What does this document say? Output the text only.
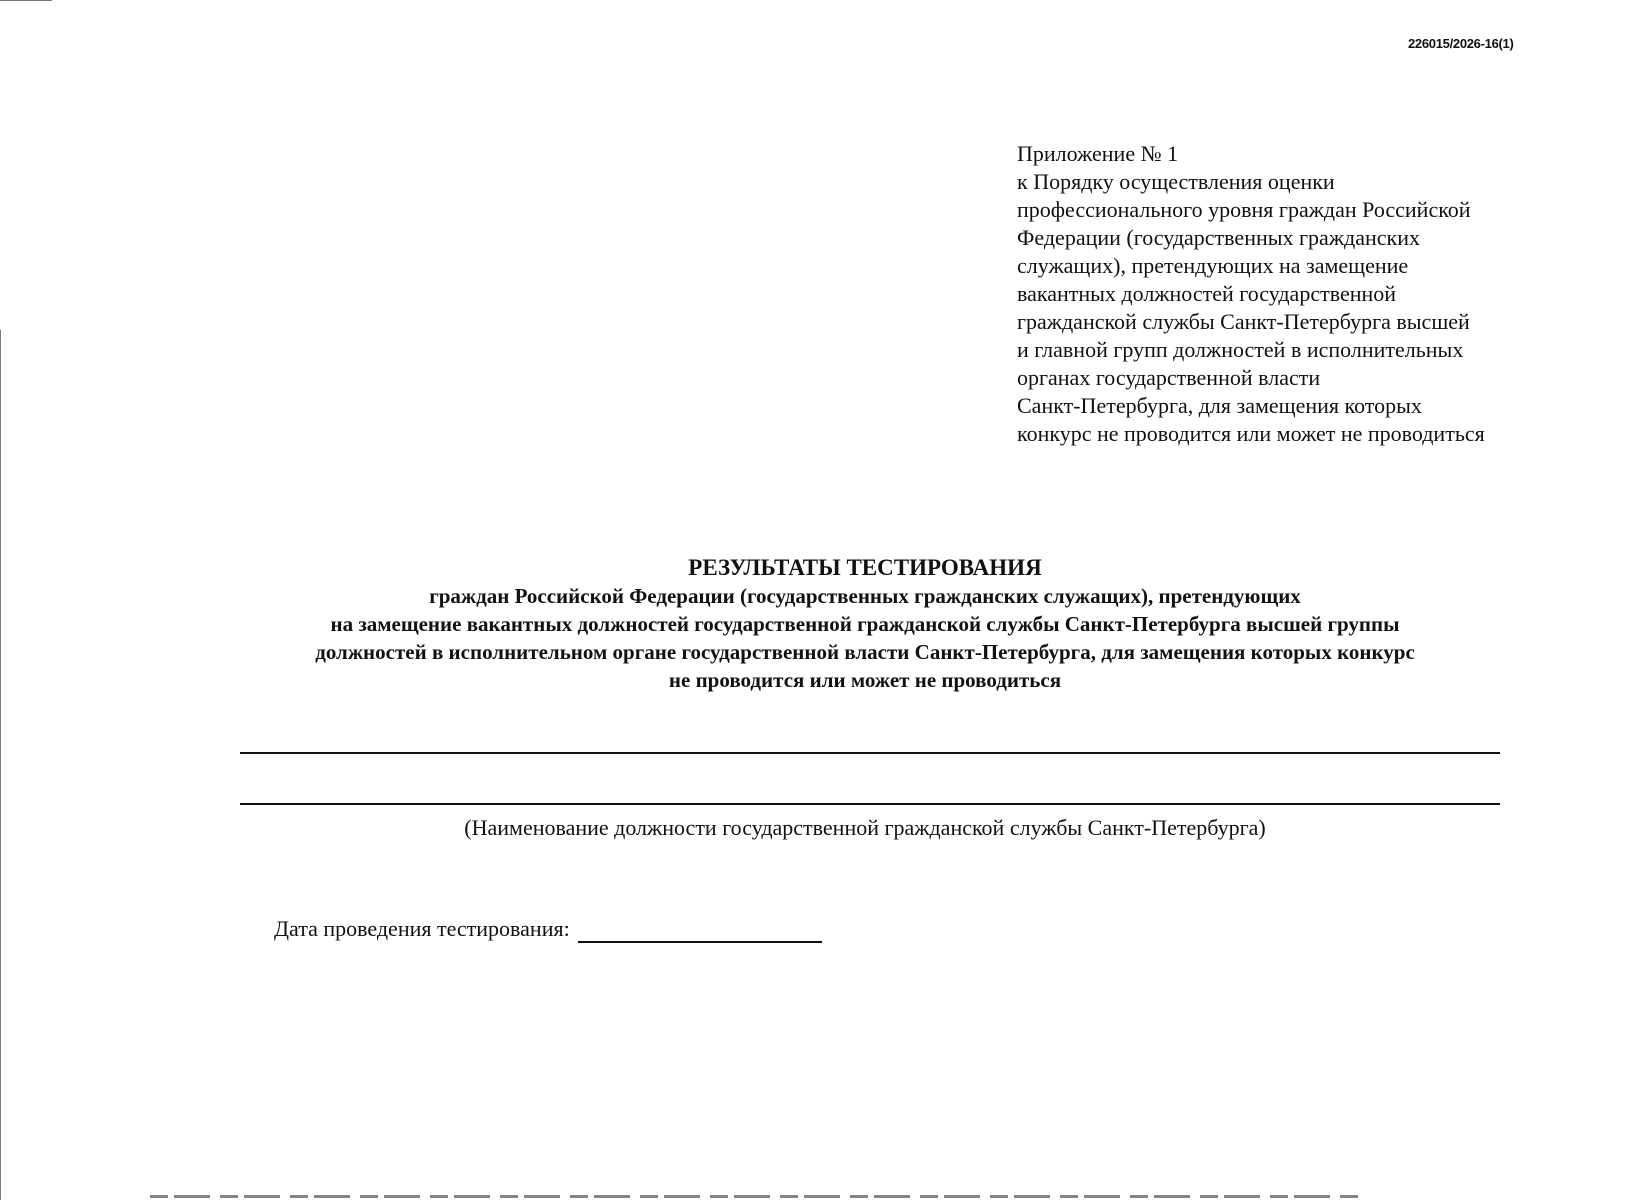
226015/2026-16(1)
Приложение № 1
к Порядку осуществления оценки
профессионального уровня граждан Российской
Федерации (государственных гражданских
служащих), претендующих на замещение
вакантных должностей государственной
гражданской службы Санкт-Петербурга высшей
и главной групп должностей в исполнительных
органах государственной власти
Санкт-Петербурга, для замещения которых
конкурс не проводится или может не проводиться
РЕЗУЛЬТАТЫ ТЕСТИРОВАНИЯ
граждан Российской Федерации (государственных гражданских служащих), претендующих
на замещение вакантных должностей государственной гражданской службы Санкт-Петербурга высшей группы
должностей в исполнительном органе государственной власти Санкт-Петербурга, для замещения которых конкурс
не проводится или может не проводиться
(Наименование должности государственной гражданской службы Санкт-Петербурга)
Дата проведения тестирования:
